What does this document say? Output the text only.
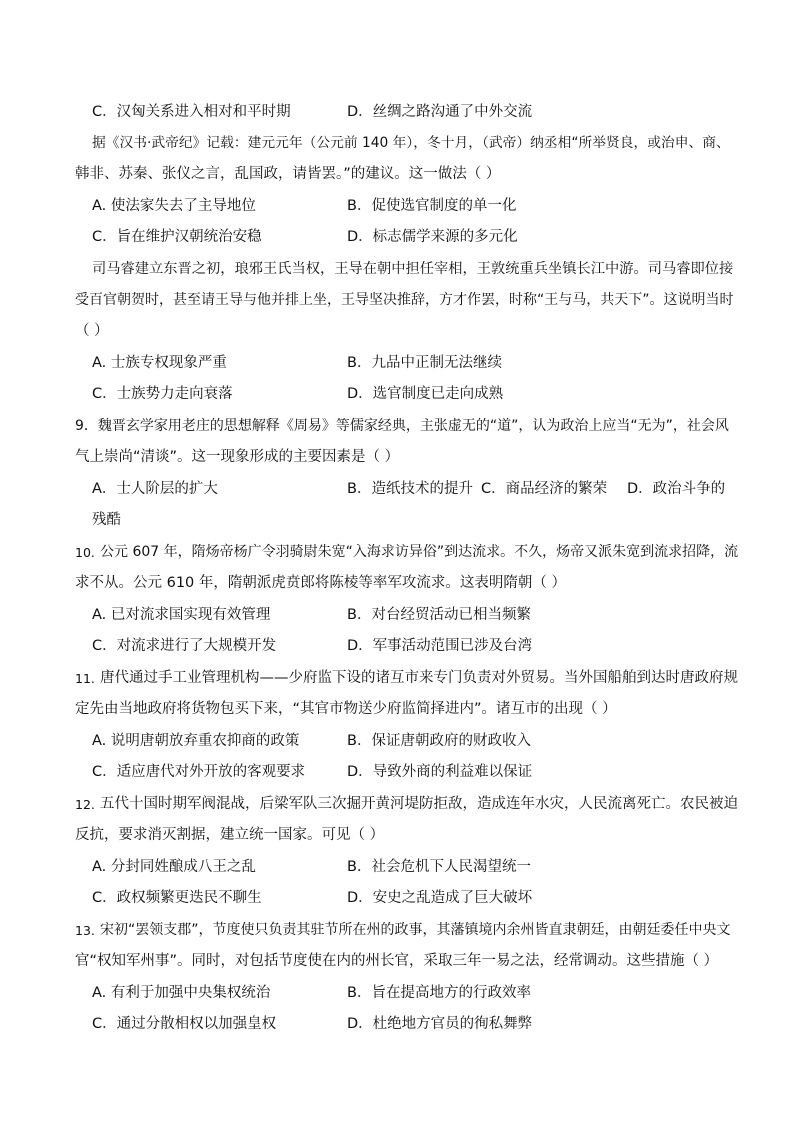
C．汉匈关系进入相对和平时期	D．丝绸之路沟通了中外交流
据《汉书·武帝纪》记载：建元元年（公元前 140 年），冬十月，（武帝）纳丞相“所举贤良，或治申、商、
韩非、苏秦、张仪之言，乱国政，请皆罢。”的建议。这一做法（ ）
A. 使法家失去了主导地位	B．促使选官制度的单一化
C．旨在维护汉朝统治安稳	D．标志儒学来源的多元化
司马睿建立东晋之初，琅邪王氏当权，王导在朝中担任宰相，王敦统重兵坐镇长江中游。司马睿即位接
受百官朝贺时，甚至请王导与他并排上坐，王导坚决推辞，方才作罢，时称“王与马，共天下”。这说明当时
（ ）
A. 士族专权现象严重	B．九品中正制无法继续
C．士族势力走向衰落	D．选官制度已走向成熟
9．魏晋玄学家用老庄的思想解释《周易》等儒家经典，主张虚无的“道”，认为政治上应当“无为”，社会风
气上崇尚“清谈”。这一现象形成的主要因素是（ ）
A．士人阶层的扩大	B．造纸技术的提升 C．商品经济的繁荣 D．政治斗争的
残酷
10. 公元 607 年，隋炀帝杨广令羽骑尉朱宽“入海求访异俗”到达流求。不久，炀帝又派朱宽到流求招降，流
求不从。公元 610 年，隋朝派虎贲郎将陈棱等率军攻流求。这表明隋朝（ ）
A. 已对流求国实现有效管理	B．对台经贸活动已相当频繁
C．对流求进行了大规模开发	D．军事活动范围已涉及台湾
11. 唐代通过手工业管理机构——少府监下设的诸互市来专门负责对外贸易。当外国船舶到达时唐政府规
定先由当地政府将货物包买下来，“其官市物送少府监简择进内”。诸互市的出现（ ）
A. 说明唐朝放弃重农抑商的政策	B．保证唐朝政府的财政收入
C．适应唐代对外开放的客观要求	D．导致外商的利益难以保证
12. 五代十国时期军阀混战，后梁军队三次掘开黄河堤防拒敌，造成连年水灾，人民流离死亡。农民被迫
反抗，要求消灭割据，建立统一国家。可见（ ）
A. 分封同姓酿成八王之乱	B．社会危机下人民渴望统一
C．政权频繁更迭民不聊生	D．安史之乱造成了巨大破坏
13. 宋初“罢领支郡”，节度使只负责其驻节所在州的政事，其藩镇境内余州皆直隶朝廷，由朝廷委任中央文
官“权知军州事”。同时，对包括节度使在内的州长官，采取三年一易之法，经常调动。这些措施（ ）
A. 有利于加强中央集权统治	B．旨在提高地方的行政效率
C．通过分散相权以加强皇权	D．杜绝地方官员的徇私舞弊
